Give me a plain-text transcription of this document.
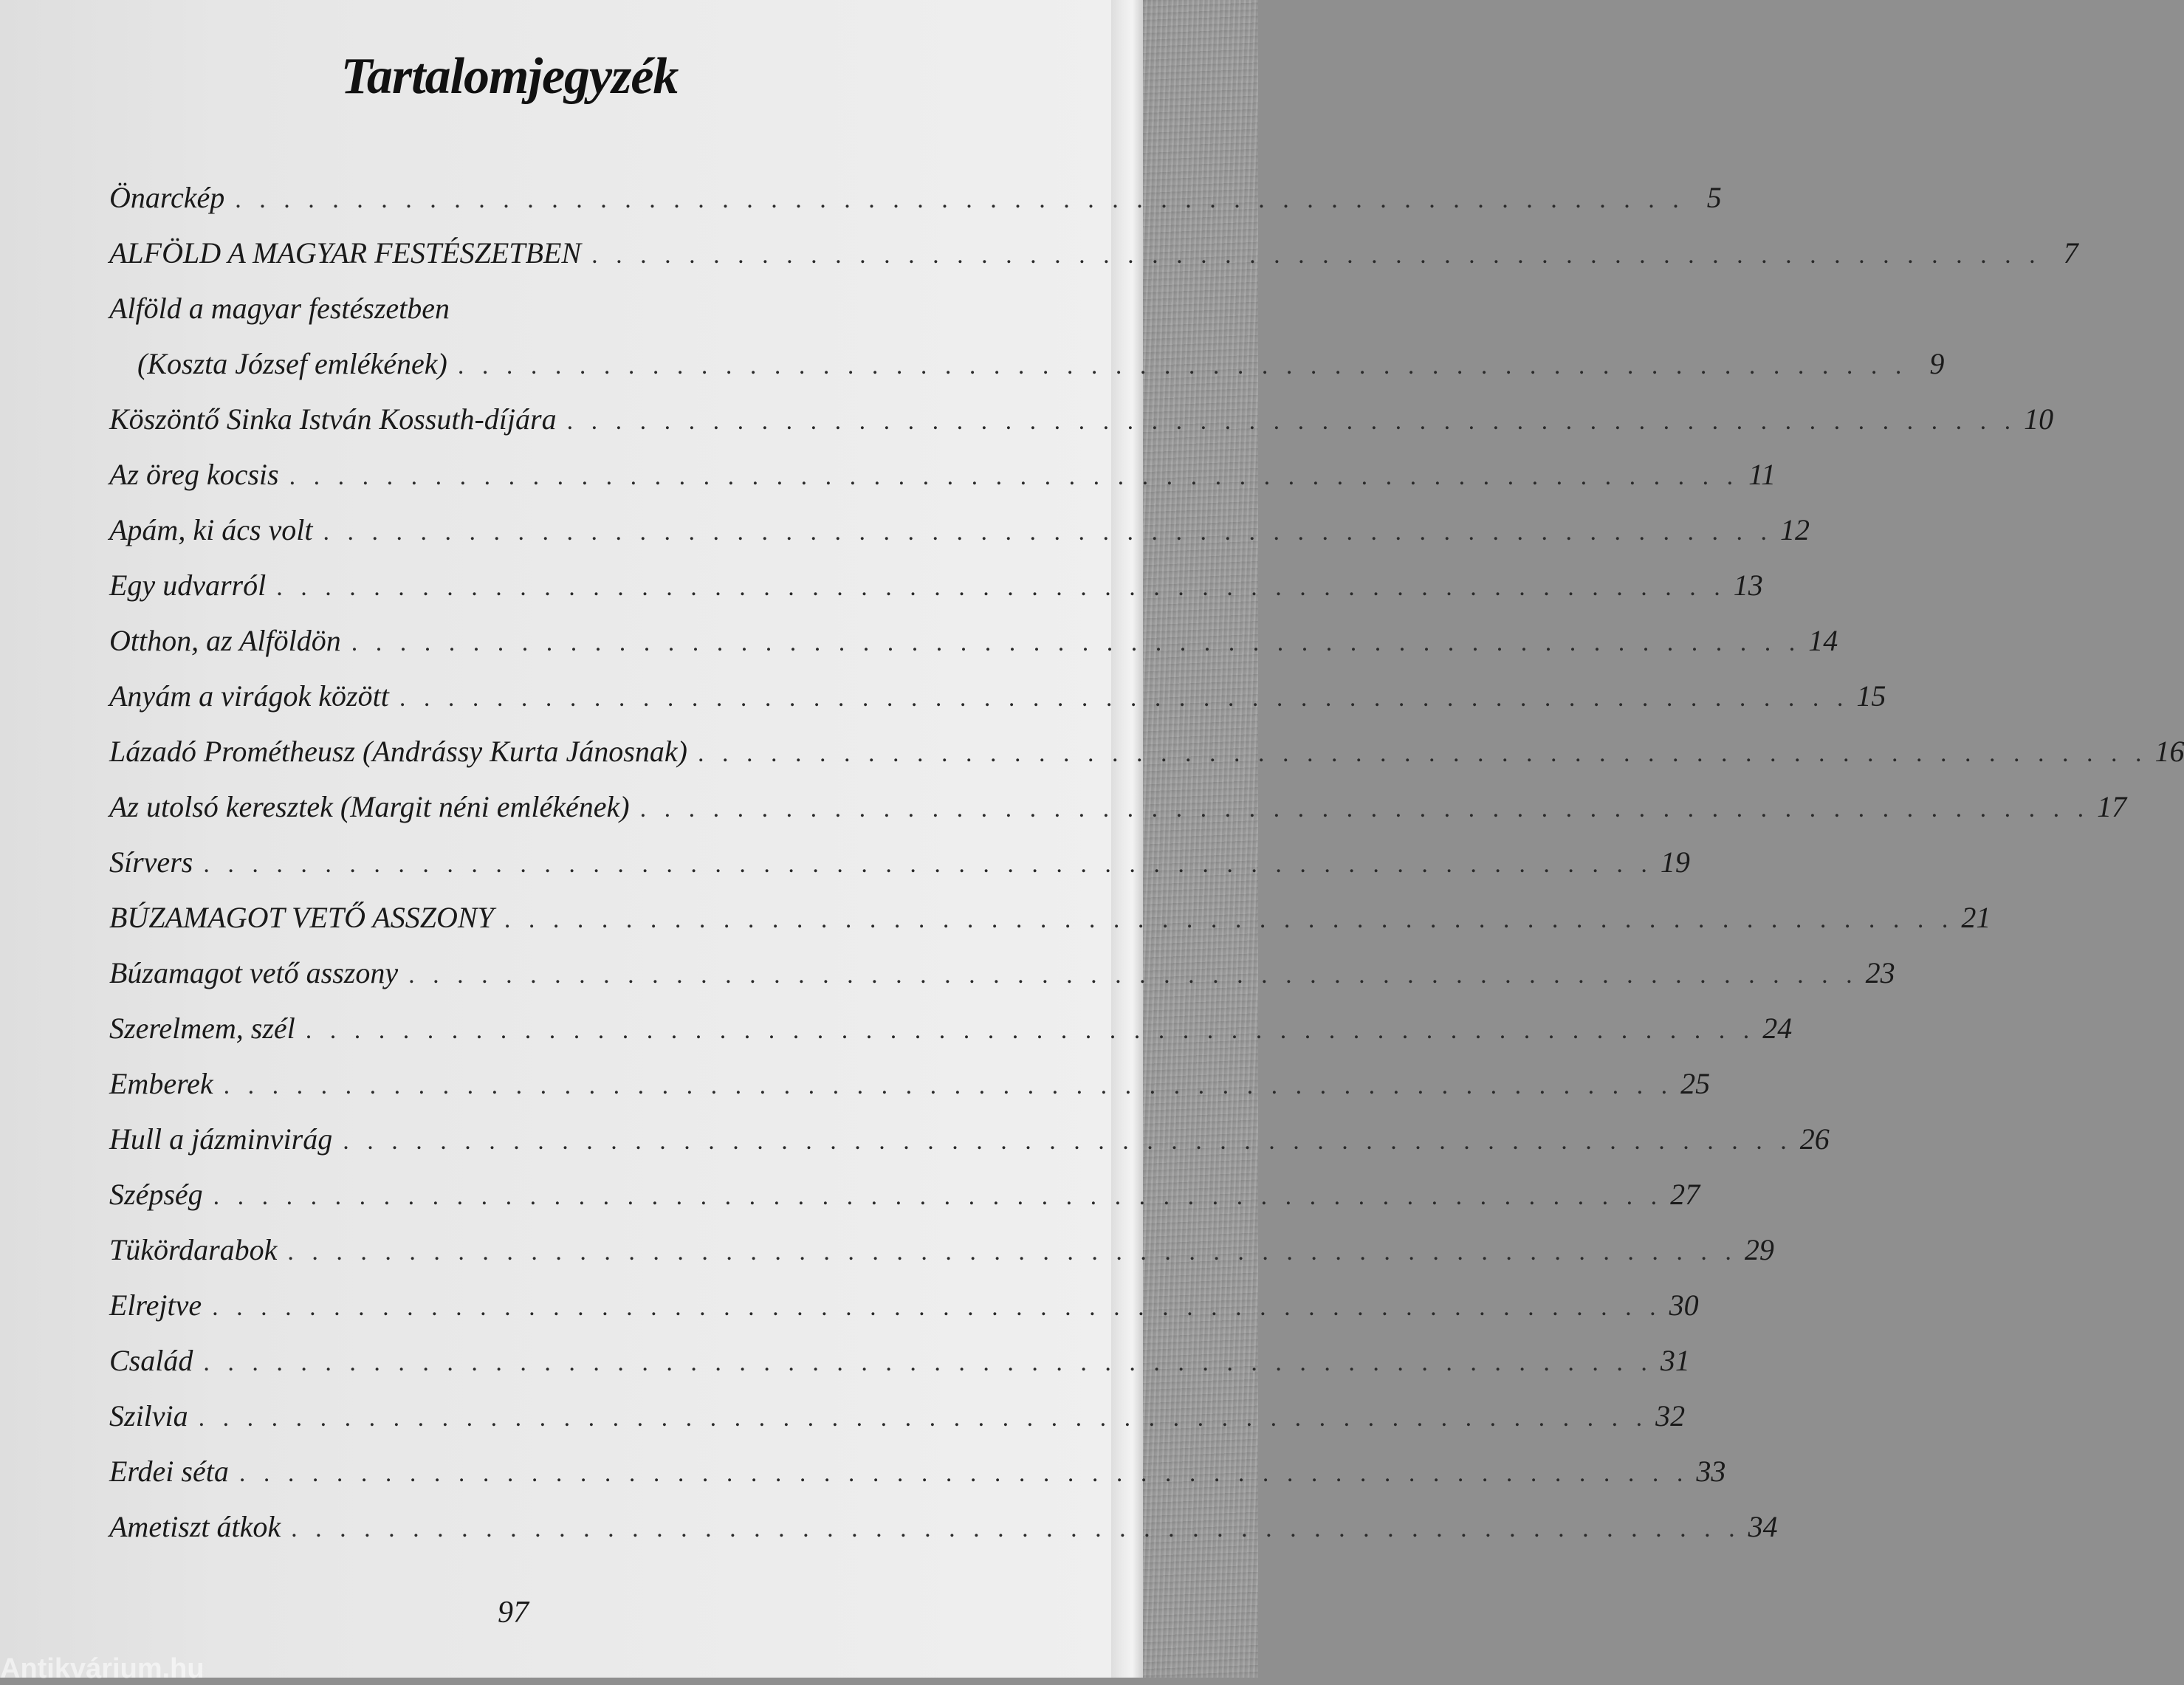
Tartalomjegyzék
Önarckép . . . . . . . . . . . . . . . . . . . . . . . . . . . . . . . . . . . . . . . . . . . . . . . . . . . . . . . . . . . . 5
ALFÖLD A MAGYAR FESTÉSZETBEN . . . . . . . . . . . . . . . . . . . . . . . . . . . . . . . . . . . . . . . . . . . . . . . . . . . . . . . . . . . . 7
Alföld a magyar festészetben
(Koszta József emlékének) . . . . . . . . . . . . . . . . . . . . . . . . . . . . . . . . . . . . . . . . . . . . . . . . . . . . . . . . . . . . 9
Köszöntő Sinka István Kossuth-díjára . . . . . . . . . . . . . . . . . . . . . . . . . . . . . . . . . . . . . . . . . . . . . . . . . . . . . . . . . . . . 10
Az öreg kocsis . . . . . . . . . . . . . . . . . . . . . . . . . . . . . . . . . . . . . . . . . . . . . . . . . . . . . . . . . . . . 11
Apám, ki ács volt . . . . . . . . . . . . . . . . . . . . . . . . . . . . . . . . . . . . . . . . . . . . . . . . . . . . . . . . . . . . 12
Egy udvarról . . . . . . . . . . . . . . . . . . . . . . . . . . . . . . . . . . . . . . . . . . . . . . . . . . . . . . . . . . . . 13
Otthon, az Alföldön . . . . . . . . . . . . . . . . . . . . . . . . . . . . . . . . . . . . . . . . . . . . . . . . . . . . . . . . . . . . 14
Anyám a virágok között . . . . . . . . . . . . . . . . . . . . . . . . . . . . . . . . . . . . . . . . . . . . . . . . . . . . . . . . . . . . 15
Lázadó Prométheusz (Andrássy Kurta Jánosnak) . . . . . . . . . . . . . . . . . . . . . . . . . . . . . . . . . . . . . . . . . . . . . . . . . . . . . . . . . . . . 16
Az utolsó keresztek (Margit néni emlékének) . . . . . . . . . . . . . . . . . . . . . . . . . . . . . . . . . . . . . . . . . . . . . . . . . . . . . . . . . . . . 17
Sírvers . . . . . . . . . . . . . . . . . . . . . . . . . . . . . . . . . . . . . . . . . . . . . . . . . . . . . . . . . . . . 19
BÚZAMAGOT VETŐ ASSZONY . . . . . . . . . . . . . . . . . . . . . . . . . . . . . . . . . . . . . . . . . . . . . . . . . . . . . . . . . . . . 21
Búzamagot vető asszony . . . . . . . . . . . . . . . . . . . . . . . . . . . . . . . . . . . . . . . . . . . . . . . . . . . . . . . . . . . . 23
Szerelmem, szél . . . . . . . . . . . . . . . . . . . . . . . . . . . . . . . . . . . . . . . . . . . . . . . . . . . . . . . . . . . . 24
Emberek . . . . . . . . . . . . . . . . . . . . . . . . . . . . . . . . . . . . . . . . . . . . . . . . . . . . . . . . . . . . 25
Hull a jázminvirág . . . . . . . . . . . . . . . . . . . . . . . . . . . . . . . . . . . . . . . . . . . . . . . . . . . . . . . . . . . . 26
Szépség . . . . . . . . . . . . . . . . . . . . . . . . . . . . . . . . . . . . . . . . . . . . . . . . . . . . . . . . . . . . 27
Tükördarabok . . . . . . . . . . . . . . . . . . . . . . . . . . . . . . . . . . . . . . . . . . . . . . . . . . . . . . . . . . . . 29
Elrejtve . . . . . . . . . . . . . . . . . . . . . . . . . . . . . . . . . . . . . . . . . . . . . . . . . . . . . . . . . . . . 30
Család . . . . . . . . . . . . . . . . . . . . . . . . . . . . . . . . . . . . . . . . . . . . . . . . . . . . . . . . . . . . 31
Szilvia . . . . . . . . . . . . . . . . . . . . . . . . . . . . . . . . . . . . . . . . . . . . . . . . . . . . . . . . . . . . 32
Erdei séta . . . . . . . . . . . . . . . . . . . . . . . . . . . . . . . . . . . . . . . . . . . . . . . . . . . . . . . . . . . . 33
Ametiszt átkok . . . . . . . . . . . . . . . . . . . . . . . . . . . . . . . . . . . . . . . . . . . . . . . . . . . . . . . . . . . . 34
97
Antikvárium.hu
